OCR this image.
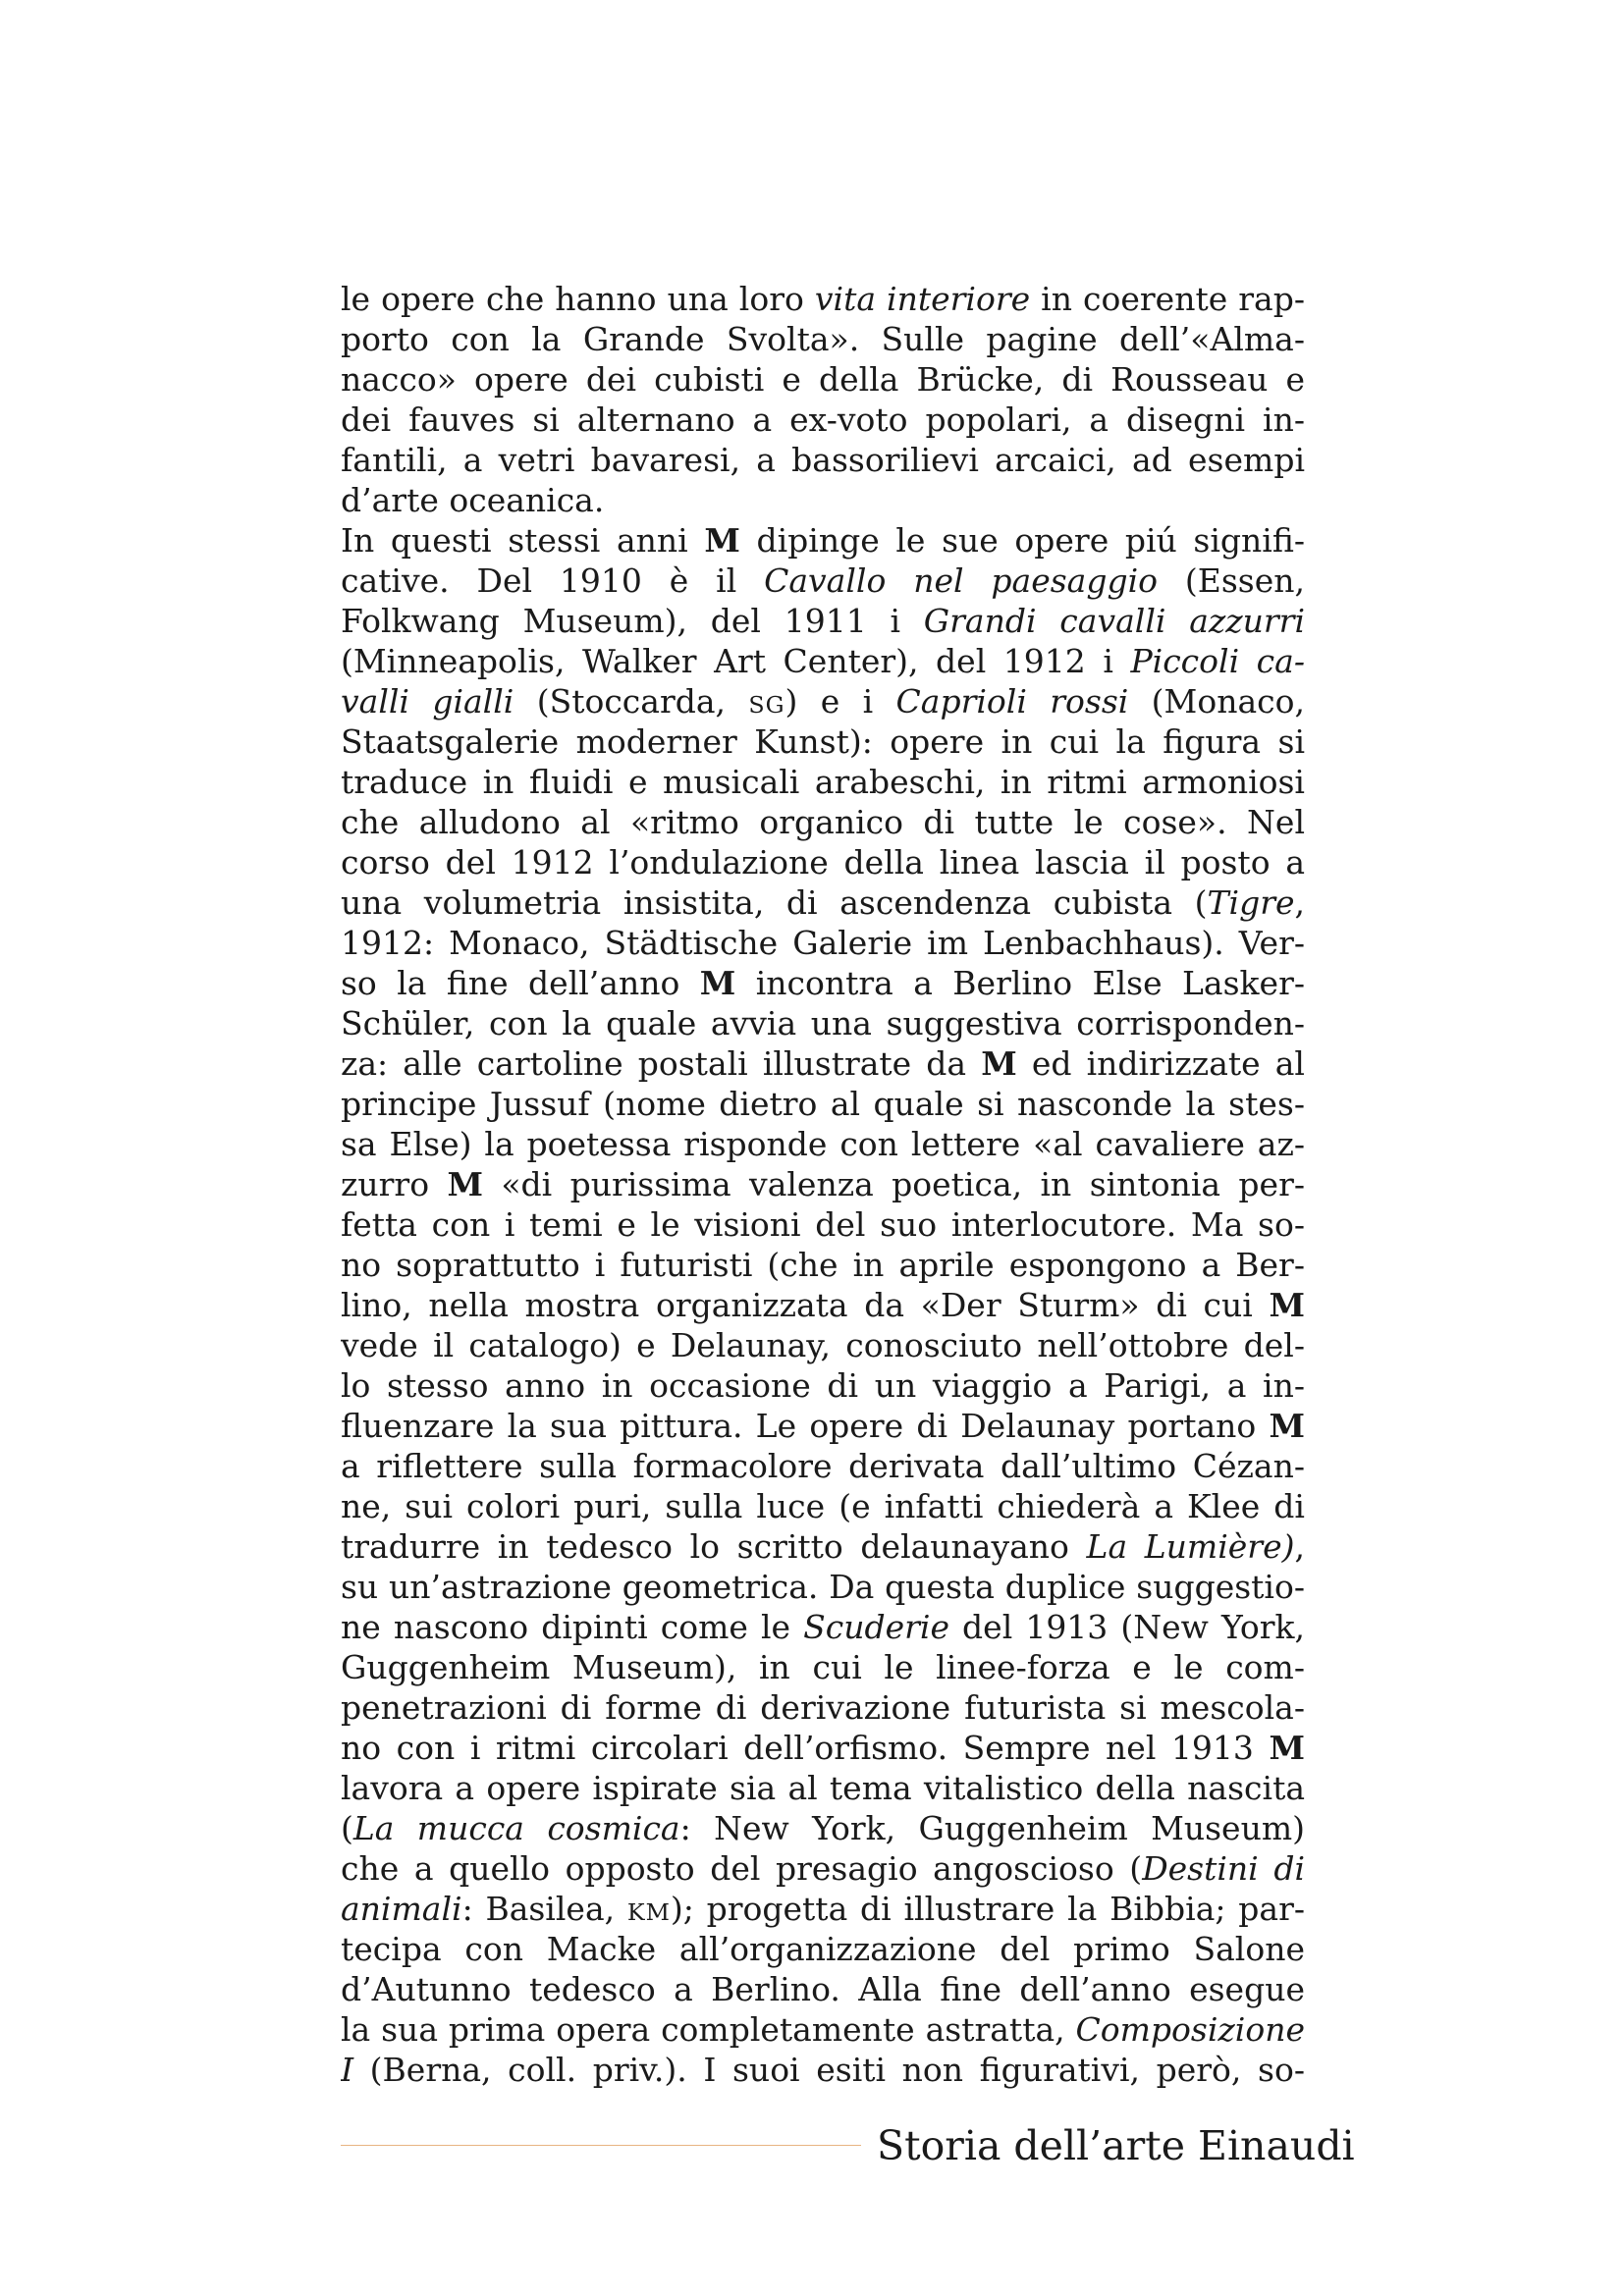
le opere che hanno una loro vita interiore in coerente rap-
porto con la Grande Svolta». Sulle pagine dell’«Alma-
nacco» opere dei cubisti e della Brücke, di Rousseau e
dei fauves si alternano a ex-voto popolari, a disegni in-
fantili, a vetri bavaresi, a bassorilievi arcaici, ad esempi
d’arte oceanica.
In questi stessi anni M dipinge le sue opere piú signifi-
cative. Del 1910 è il Cavallo nel paesaggio (Essen,
Folkwang Museum), del 1911 i Grandi cavalli azzurri
(Minneapolis, Walker Art Center), del 1912 i Piccoli ca-
valli gialli (Stoccarda, SG) e i Caprioli rossi (Monaco,
Staatsgalerie moderner Kunst): opere in cui la figura si
traduce in fluidi e musicali arabeschi, in ritmi armoniosi
che alludono al «ritmo organico di tutte le cose». Nel
corso del 1912 l’ondulazione della linea lascia il posto a
una volumetria insistita, di ascendenza cubista (Tigre,
1912: Monaco, Städtische Galerie im Lenbachhaus). Ver-
so la fine dell’anno M incontra a Berlino Else Lasker-
Schüler, con la quale avvia una suggestiva corrisponden-
za: alle cartoline postali illustrate da M ed indirizzate al
principe Jussuf (nome dietro al quale si nasconde la stes-
sa Else) la poetessa risponde con lettere «al cavaliere az-
zurro M «di purissima valenza poetica, in sintonia per-
fetta con i temi e le visioni del suo interlocutore. Ma so-
no soprattutto i futuristi (che in aprile espongono a Ber-
lino, nella mostra organizzata da «Der Sturm» di cui M
vede il catalogo) e Delaunay, conosciuto nell’ottobre del-
lo stesso anno in occasione di un viaggio a Parigi, a in-
fluenzare la sua pittura. Le opere di Delaunay portano M
a riflettere sulla formacolore derivata dall’ultimo Cézan-
ne, sui colori puri, sulla luce (e infatti chiederà a Klee di
tradurre in tedesco lo scritto delaunayano La Lumière),
su un’astrazione geometrica. Da questa duplice suggestio-
ne nascono dipinti come le Scuderie del 1913 (New York,
Guggenheim Museum), in cui le linee-forza e le com-
penetrazioni di forme di derivazione futurista si mescola-
no con i ritmi circolari dell’orfismo. Sempre nel 1913 M
lavora a opere ispirate sia al tema vitalistico della nascita
(La mucca cosmica: New York, Guggenheim Museum)
che a quello opposto del presagio angoscioso (Destini di
animali: Basilea, KM); progetta di illustrare la Bibbia; par-
tecipa con Macke all’organizzazione del primo Salone
d’Autunno tedesco a Berlino. Alla fine dell’anno esegue
la sua prima opera completamente astratta, Composizione
I (Berna, coll. priv.). I suoi esiti non figurativi, però, so-
Storia dell’arte Einaudi
